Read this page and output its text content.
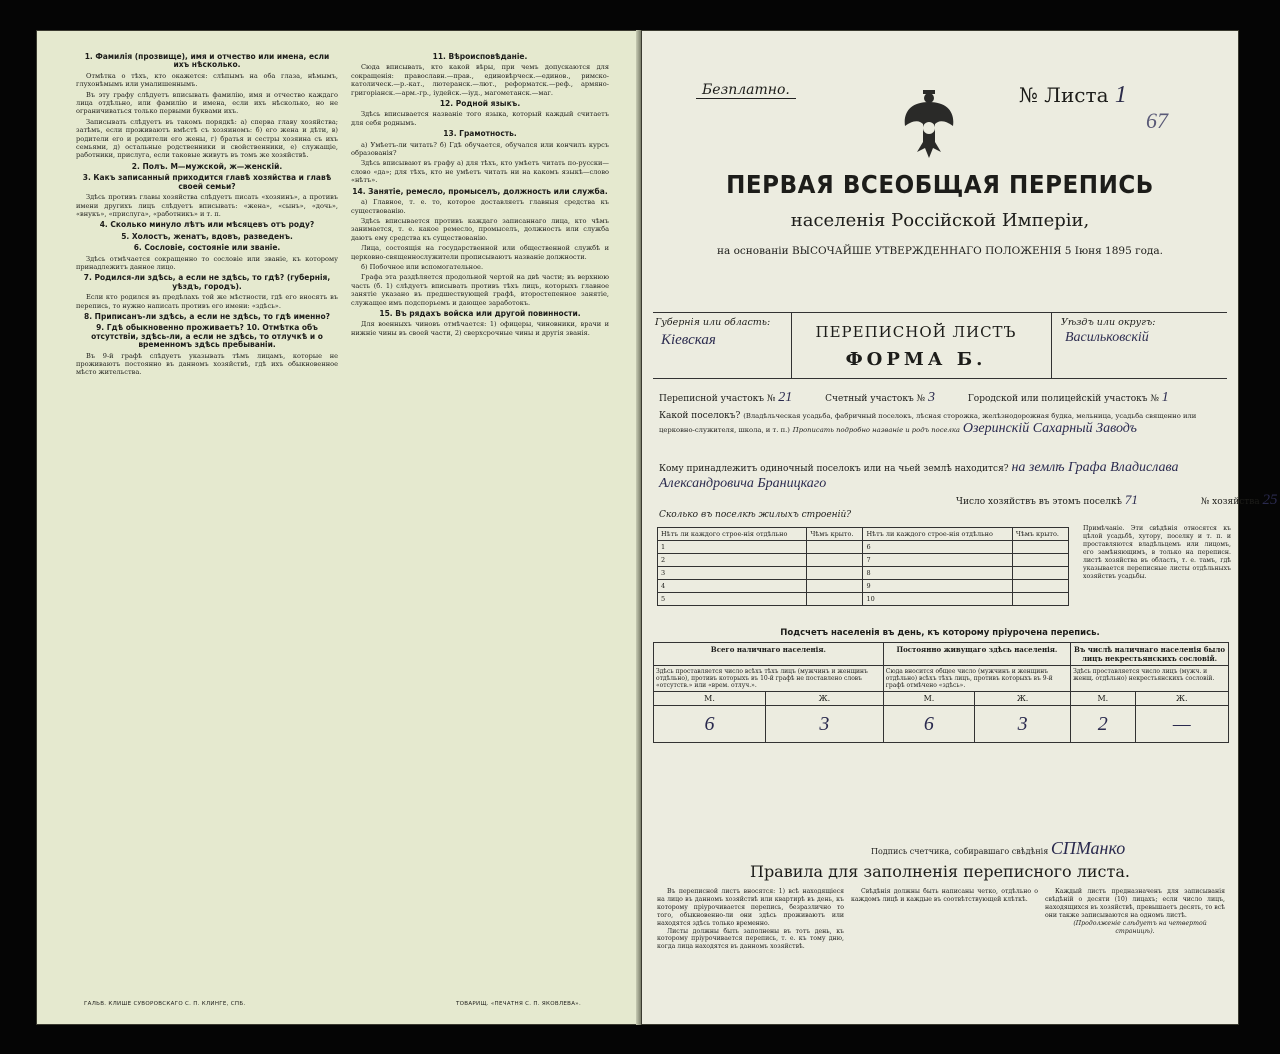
1. Фамилія (прозвище), имя и отчество или имена, если ихъ нѣсколько.

Отмѣтка о тѣхъ, кто окажется: слѣпымъ на оба глаза, нѣмымъ, глухонѣмымъ или умалишеннымъ.

Въ эту графу слѣдуетъ вписывать фамилію, имя и отчество каждаго лица отдѣльно, или фамилію и имена, если ихъ нѣсколько, но не ограничиваться только первыми буквами ихъ.

Записывать слѣдуетъ въ такомъ порядкѣ: а) сперва главу хозяйства; затѣмъ, если проживаютъ вмѣстѣ съ хозяиномъ: б) его жена и дѣти, в) родители его и родители его жены, г) братья и сестры хозяина съ ихъ семьями, д) остальные родственники и свойственники, е) служащіе, работники, прислуга, если таковые живутъ въ томъ же хозяйствѣ.

2. Полъ. М—мужской, ж—женскій.
3. Какъ записанный приходится главѣ хозяйства и главѣ своей семьи?

Здѣсь противъ главы хозяйства слѣдуетъ писать «хозяинъ», а противъ имени другихъ лицъ слѣдуетъ вписывать: «жена», «сынъ», «дочь», «внукъ», «прислуга», «работникъ» и т. п.

4. Сколько минуло лѣтъ или мѣсяцевъ отъ роду?
5. Холостъ, женатъ, вдовъ, разведенъ.
6. Сословіе, состояніе или званіе.

Здѣсь отмѣчается сокращенно то сословіе или званіе, къ которому принадлежитъ данное лицо.

7. Родился-ли здѣсь, а если не здѣсь, то гдѣ? (губернія, уѣздъ, городъ).

Если кто родился въ предѣлахъ той же мѣстности, гдѣ его вносятъ въ перепись, то нужно написать противъ его имени: «здѣсь».

8. Приписанъ-ли здѣсь, а если не здѣсь, то гдѣ именно?
9. Гдѣ обыкновенно проживаетъ? 10. Отмѣтка объ отсутствіи, здѣсь-ли, а если не здѣсь, то отлучкѣ и о временномъ здѣсь пребываніи.

Въ 9-й графѣ слѣдуетъ указывать тѣмъ лицамъ, которые не проживаютъ постоянно въ данномъ хозяйствѣ, гдѣ ихъ обыкновенное мѣсто жительства.

11. Вѣроисповѣданіе.

Сюда вписывать, кто какой вѣры, при чемъ допускаются для сокращенія: православн.—прав., единовѣрческ.—единов., римско-католическ.—р.-кат., лютеранск.—лют., реформатск.—реф., армяно-григоріанск.—арм.-гр., іудейск.—іуд., магометанск.—маг.

12. Родной языкъ.

Здѣсь вписывается названіе того языка, который каждый считаетъ для себя роднымъ.

13. Грамотность.

а) Умѣетъ-ли читать? б) Гдѣ обучается, обучался или кончилъ курсъ образованія?

Здѣсь вписывают въ графу а) для тѣхъ, кто умѣетъ читать по-русски—слово «да»; для тѣхъ, кто не умѣетъ читать ни на какомъ языкѣ—слово «нѣтъ».

14. Занятіе, ремесло, промыселъ, должность или служба.

а) Главное, т. е. то, которое доставляетъ главныя средства къ существованію.

Здѣсь вписывается противъ каждаго записаннаго лица, кто чѣмъ занимается, т. е. какое ремесло, промыселъ, должность или служба даютъ ему средства къ существованію.

Лица, состоящія на государственной или общественной службѣ и церковно-священнослужители прописываютъ названіе должности.

б) Побочное или вспомогательное.

Графа эта раздѣляется продольной чертой на двѣ части; въ верхнюю часть (б. 1) слѣдуетъ вписывать противъ тѣхъ лицъ, которыхъ главное занятіе указано въ предшествующей графѣ, второстепенное занятіе, служащее имъ подспорьемъ и дающее заработокъ.

15. Въ рядахъ войска или другой повинности.

Для военныхъ чиновъ отмѣчается: 1) офицеры, чиновники, врачи и нижніе чины въ своей части, 2) сверхсрочные чины и другія званія.

ГАЛЬВ. КЛИШЕ СУВОРОВСКАГО С. П. КЛИНГЕ, СПБ.	ТОВАРИЩ. «ПЕЧАТНЯ С. П. ЯКОВЛЕВА».
Безплатно.	№ Листа 1
67
ПЕРВАЯ ВСЕОБЩАЯ ПЕРЕПИСЬ
населенія Россійской Имперіи,
на основаніи ВЫСОЧАЙШЕ УТВЕРЖДЕННАГО ПОЛОЖЕНІЯ 5 Іюня 1895 года.
Губернія или область:
Кіевская	ПЕРЕПИСНОЙ ЛИСТЪ
ФОРМА Б.
Уѣздъ или округъ:
Васильковскій
Переписной участокъ № 21	Счетный участокъ № 3	Городской или полицейскій участокъ № 1
Какой поселокъ? (Владѣльческая усадьба, фабричный поселокъ, лѣсная сторожка, желѣзнодорожная будка, мельница, усадьба священно или церковно-служителя, школа, и т. п.) Прописать подробно названіе и родъ поселка Озеринскій Сахарный Заводъ
Кому принадлежитъ одиночный поселокъ или на чьей землѣ находится? на землѣ Графа Владислава Александровича Браницкаго
Число хозяйствъ въ этомъ поселкѣ 71	№ хозяйства 25
Сколько въ поселкѣ жилыхъ строеній?
Нѣтъ ли каждого строе-нія отдѣльно	Чѣмъ крыто.	Нѣтъ ли каждого строе-нія отдѣльно	Чѣмъ крыто.
1		6	
2		7	
3		8	
4		9	
5		10	
Примѣчаніе. Эти свѣдѣнія относятся къ цѣлой усадьбѣ, хутору, поселку и т. п. и проставляются владѣльцемъ или лицомъ, его замѣняющимъ, в только на переписн. листѣ хозяйства въ область, т. е. тамъ, гдѣ указывается переписные листы отдѣльныхъ хозяйствъ усадьбы.
Подсчетъ населенія въ день, къ которому пріурочена перепись.
Всего наличнаго населенія.		Постоянно живущаго здѣсь населенія.		Въ числѣ наличнаго населенія было лицъ некрестьянскихъ сословій.	
Здѣсь проставляется число всѣхъ тѣхъ лицъ (мужчинъ и женщинъ отдѣльно), противъ которыхъ въ 10-й графѣ не поставлено словъ «отсутств.» или «врем. отлуч.».		Сюда вносится общее число (мужчинъ и женщинъ отдѣльно) всѣхъ тѣхъ лицъ, противъ которыхъ въ 9-й графѣ отмѣчено «здѣсь».		Здѣсь проставляется число лицъ (мужч. и женщ. отдѣльно) некрестьянскихъ сословій.	
М.	Ж.	М.	Ж.	М.	Ж.
6	3	6	3	2	—
Подпись счетчика, собиравшаго свѣдѣнія СПМанко
Правила для заполненія переписного листа.

Въ переписной листъ вносятся: 1) всѣ находящіеся на лицо въ данномъ хозяйствѣ или квартирѣ въ день, къ которому пріурочивается перепись, безразлично то того, обыкновенно-ли они здѣсь проживаютъ или находятся здѣсь только временно.

Листы должны быть заполнены въ тотъ день, къ которому пріурочивается перепись, т. е. къ тому дню, когда лица находятся въ данномъ хозяйствѣ.

Свѣдѣнія должны быть написаны четко, отдѣльно о каждомъ лицѣ и каждые въ соотвѣтствующей клѣткѣ.

Каждый листъ предназначенъ для записыванія свѣдѣній о десяти (10) лицахъ; если число лицъ, находящихся въ хозяйствѣ, превышаетъ десять, то всѣ они также записываются на одномъ листѣ.

(Продолженіе слѣдуетъ на четвертой страницѣ).
